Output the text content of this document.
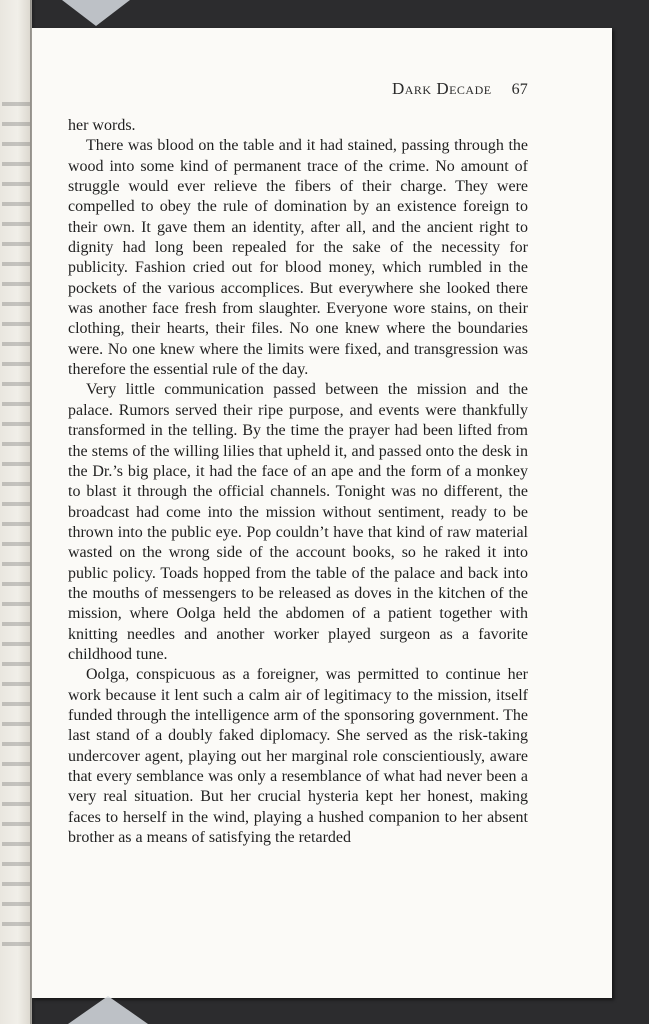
Dark Decade 67

her words.

There was blood on the table and it had stained, passing through the wood into some kind of permanent trace of the crime. No amount of struggle would ever relieve the fibers of their charge. They were compelled to obey the rule of domination by an existence foreign to their own. It gave them an identity, after all, and the ancient right to dignity had long been repealed for the sake of the necessity for publicity. Fashion cried out for blood money, which rumbled in the pockets of the various accomplices. But everywhere she looked there was another face fresh from slaughter. Everyone wore stains, on their clothing, their hearts, their files. No one knew where the boundaries were. No one knew where the limits were fixed, and transgression was therefore the essential rule of the day.

Very little communication passed between the mission and the palace. Rumors served their ripe purpose, and events were thankfully transformed in the telling. By the time the prayer had been lifted from the stems of the willing lilies that upheld it, and passed onto the desk in the Dr.’s big place, it had the face of an ape and the form of a monkey to blast it through the official channels. Tonight was no different, the broadcast had come into the mission without sentiment, ready to be thrown into the public eye. Pop couldn’t have that kind of raw material wasted on the wrong side of the account books, so he raked it into public policy. Toads hopped from the table of the palace and back into the mouths of messengers to be released as doves in the kitchen of the mission, where Oolga held the abdomen of a patient together with knitting needles and another worker played surgeon as a favorite childhood tune.

Oolga, conspicuous as a foreigner, was permitted to continue her work because it lent such a calm air of legitimacy to the mission, itself funded through the intelligence arm of the sponsoring government. The last stand of a doubly faked diplomacy. She served as the risk-taking undercover agent, playing out her marginal role conscientiously, aware that every semblance was only a resemblance of what had never been a very real situation. But her crucial hysteria kept her honest, making faces to herself in the wind, playing a hushed companion to her absent brother as a means of satisfying the retarded
